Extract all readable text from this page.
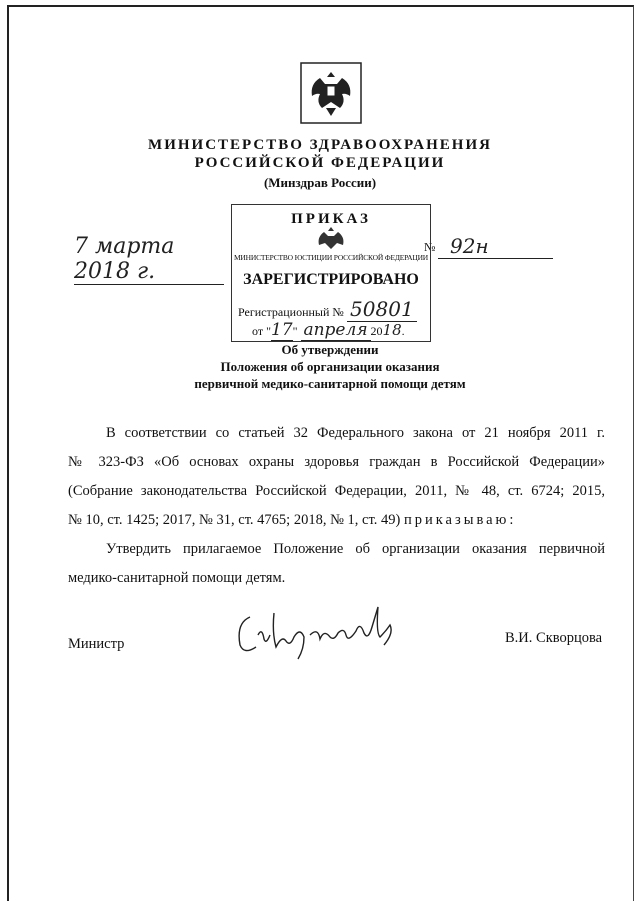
МИНИСТЕРСТВО ЗДРАВООХРАНЕНИЯ
РОССИЙСКОЙ ФЕДЕРАЦИИ
(Минздрав России)
7 марта 2018 г.
№ 92н
ПРИКАЗ
МИНИСТЕРСТВО ЮСТИЦИИ РОССИЙСКОЙ ФЕДЕРАЦИИ
ЗАРЕГИСТРИРОВАНО
Регистрационный № 50801
от "17" апреля 2018.
Об утверждении
Положения об организации оказания
первичной медико-санитарной помощи детям
В соответствии со статьей 32 Федерального закона от 21 ноября 2011 г.
№ 323-ФЗ «Об основах охраны здоровья граждан в Российской Федерации»
(Собрание законодательства Российской Федерации, 2011, № 48, ст. 6724; 2015,
№ 10, ст. 1425; 2017, № 31, ст. 4765; 2018, № 1, ст. 49) приказываю:
Утвердить прилагаемое Положение об организации оказания первичной
медико-санитарной помощи детям.
Министр	В.И. Скворцова
